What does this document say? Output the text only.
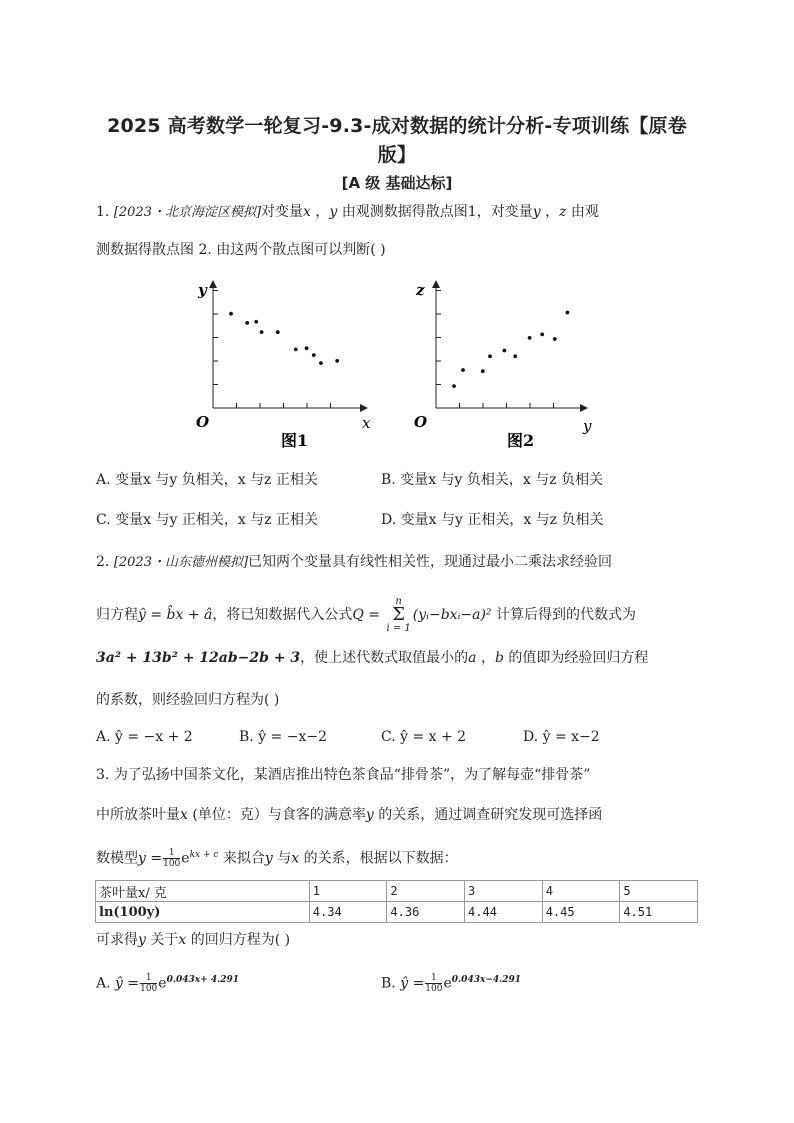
2025 高考数学一轮复习-9.3-成对数据的统计分析-专项训练【原卷
版】
[A 级 基础达标]
1. [2023・北京海淀区模拟]对变量x ，y 由观测数据得散点图1，对变量y ，z 由观
测数据得散点图 2. 由这两个散点图可以判断( )
y
O	x
图1
z
O	y
图2
A. 变量x 与y 负相关，x 与z 正相关	B. 变量x 与y 负相关，x 与z 负相关
C. 变量x 与y 正相关，x 与z 正相关	D. 变量x 与y 正相关，x 与z 负相关
2. [2023・山东德州模拟]已知两个变量具有线性相关性，现通过最小二乘法求经验回
归方程ŷ = b̂x + â，将已知数据代入公式Q =
n
Σ
i = 1
(yᵢ−bxᵢ−a)² 计算后得到的代数式为
3a² + 13b² + 12ab−2b + 3，使上述代数式取值最小的a ，b 的值即为经验回归方程
的系数，则经验回归方程为( )
A. ŷ = −x + 2	B. ŷ = −x−2	C. ŷ = x + 2	D. ŷ = x−2
3. 为了弘扬中国茶文化，某酒店推出特色茶食品“排骨茶”，为了解每壶“排骨茶”
中所放茶叶量x (单位：克）与食客的满意率y 的关系，通过调查研究发现可选择函
数模型$y = \frac{1}{100} e^{kx + c}$ 来拟合y 与x 的关系，根据以下数据：
茶叶量x/ 克	1	2	3	4	5
ln(100y)	4.34	4.36	4.44	4.45	4.51
可求得y 关于x 的回归方程为( )
A. ŷ = $\frac{1}{100} e^{0.043x+ 4.291}$	B. ŷ = $\frac{1}{100} e^{0.043x-4.291}$
